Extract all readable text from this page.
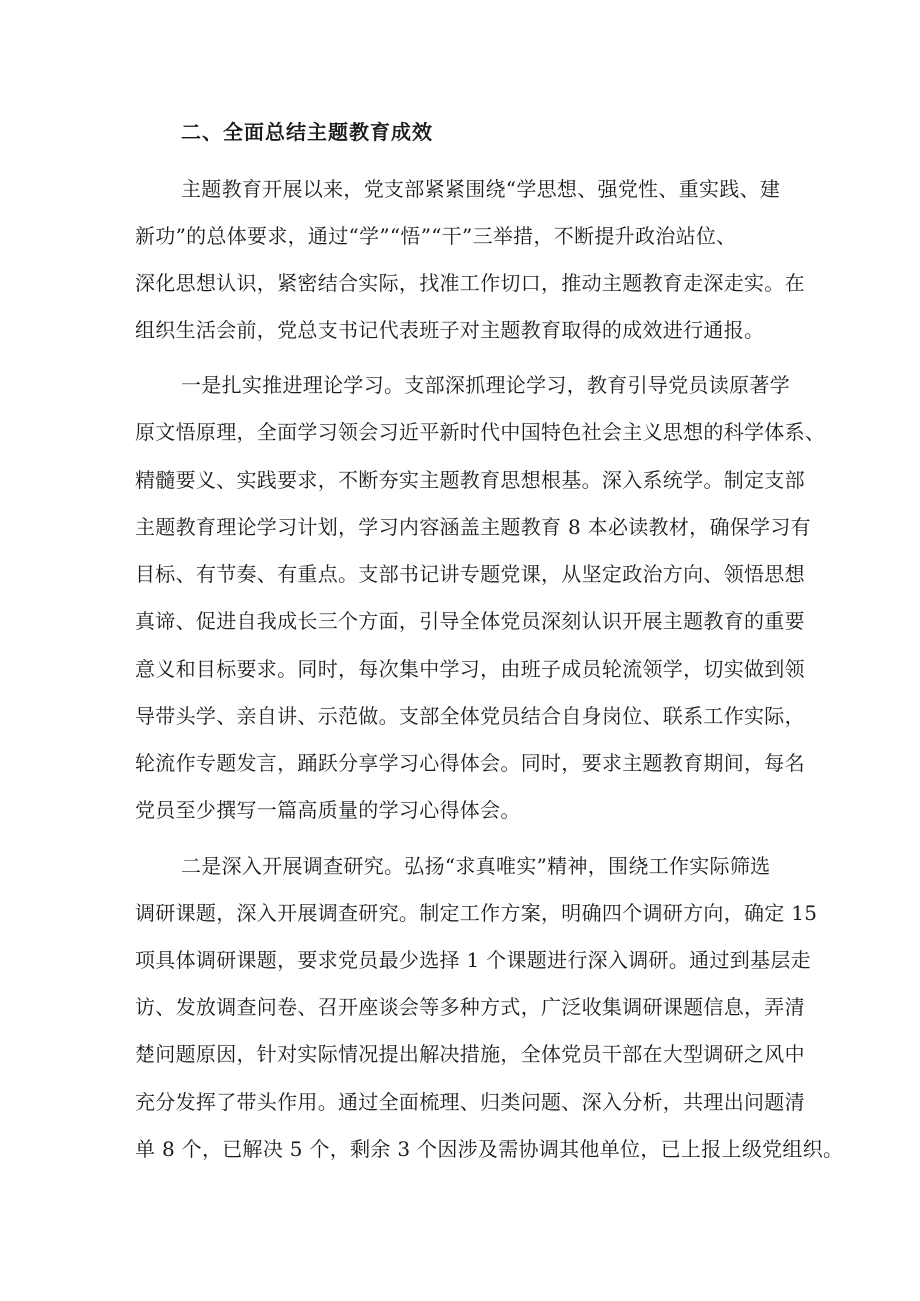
二、全面总结主题教育成效

主题教育开展以来，党支部紧紧围绕“学思想、强党性、重实践、建

新功”的总体要求，通过“学”“悟”“干”三举措，不断提升政治站位、

深化思想认识，紧密结合实际，找准工作切口，推动主题教育走深走实。在

组织生活会前，党总支书记代表班子对主题教育取得的成效进行通报。

一是扎实推进理论学习。支部深抓理论学习，教育引导党员读原著学

原文悟原理，全面学习领会习近平新时代中国特色社会主义思想的科学体系、

精髓要义、实践要求，不断夯实主题教育思想根基。深入系统学。制定支部

主题教育理论学习计划，学习内容涵盖主题教育 8 本必读教材，确保学习有

目标、有节奏、有重点。支部书记讲专题党课，从坚定政治方向、领悟思想

真谛、促进自我成长三个方面，引导全体党员深刻认识开展主题教育的重要

意义和目标要求。同时，每次集中学习，由班子成员轮流领学，切实做到领

导带头学、亲自讲、示范做。支部全体党员结合自身岗位、联系工作实际，

轮流作专题发言，踊跃分享学习心得体会。同时，要求主题教育期间，每名

党员至少撰写一篇高质量的学习心得体会。

二是深入开展调查研究。弘扬“求真唯实”精神，围绕工作实际筛选

调研课题，深入开展调查研究。制定工作方案，明确四个调研方向，确定 15

项具体调研课题，要求党员最少选择 1 个课题进行深入调研。通过到基层走

访、发放调查问卷、召开座谈会等多种方式，广泛收集调研课题信息，弄清

楚问题原因，针对实际情况提出解决措施，全体党员干部在大型调研之风中

充分发挥了带头作用。通过全面梳理、归类问题、深入分析，共理出问题清

单 8 个，已解决 5 个，剩余 3 个因涉及需协调其他单位，已上报上级党组织。
